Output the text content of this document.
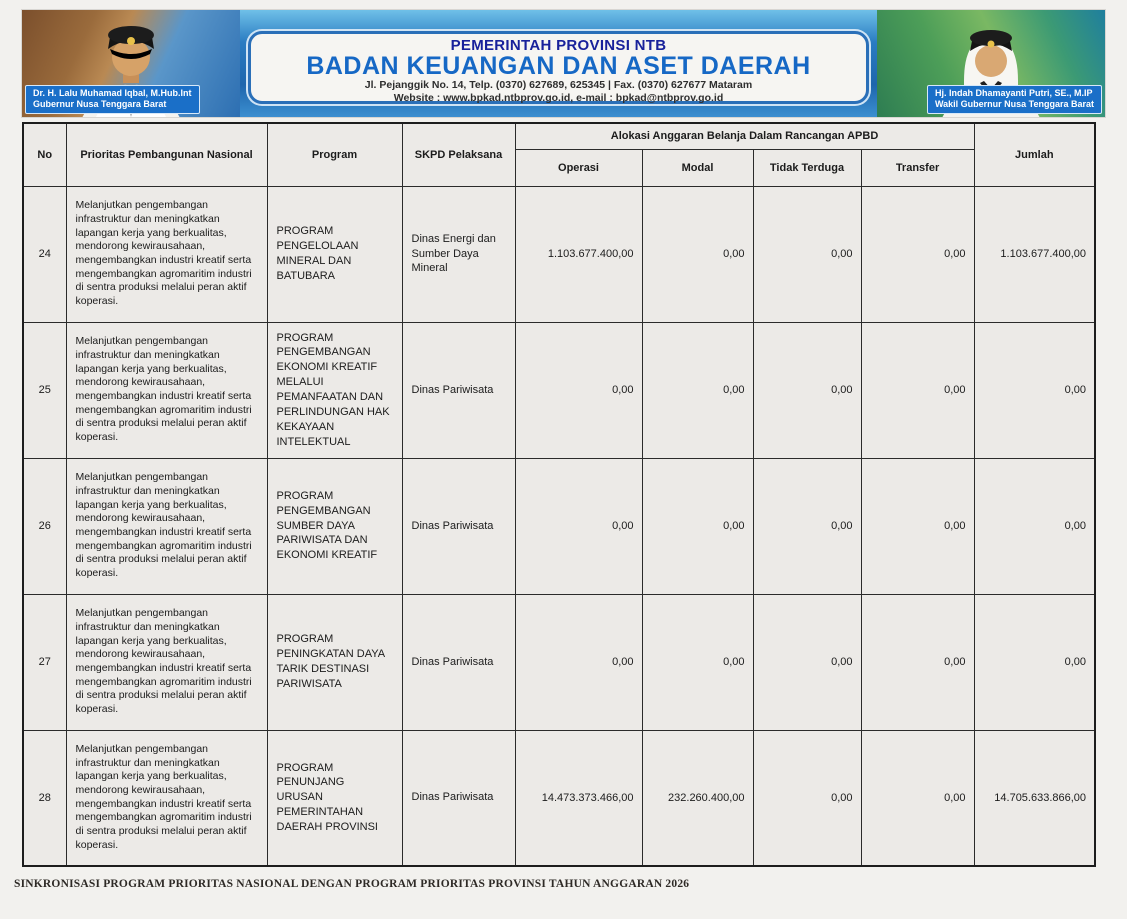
Dr. H. Lalu Muhamad Iqbal, M.Hub.Int
Gubernur Nusa Tenggara Barat
PEMERINTAH PROVINSI NTB
BADAN KEUANGAN DAN ASET DAERAH
Jl. Pejanggik No. 14, Telp. (0370) 627689, 625345 | Fax. (0370) 627677 Mataram
Website : www.bpkad.ntbprov.go.id, e-mail : bpkad@ntbprov.go.id	Hj. Indah Dhamayanti Putri, SE., M.IP
Wakil Gubernur Nusa Tenggara Barat
No	Prioritas Pembangunan Nasional	Program	SKPD Pelaksana	Alokasi Anggaran Belanja Dalam Rancangan APBD				Jumlah
				Operasi	Modal	Tidak Terduga	Transfer	
24	Melanjutkan pengembangan infrastruktur dan meningkatkan lapangan kerja yang berkualitas, mendorong kewirausahaan, mengembangkan industri kreatif serta mengembangkan agromaritim industri di sentra produksi melalui peran aktif koperasi.	PROGRAM PENGELOLAAN MINERAL DAN BATUBARA	Dinas Energi dan Sumber Daya Mineral	1.103.677.400,00	0,00	0,00	0,00	1.103.677.400,00
25	Melanjutkan pengembangan infrastruktur dan meningkatkan lapangan kerja yang berkualitas, mendorong kewirausahaan, mengembangkan industri kreatif serta mengembangkan agromaritim industri di sentra produksi melalui peran aktif koperasi.	PROGRAM PENGEMBANGAN EKONOMI KREATIF MELALUI PEMANFAATAN DAN PERLINDUNGAN HAK KEKAYAAN INTELEKTUAL	Dinas Pariwisata	0,00	0,00	0,00	0,00	0,00
26	Melanjutkan pengembangan infrastruktur dan meningkatkan lapangan kerja yang berkualitas, mendorong kewirausahaan, mengembangkan industri kreatif serta mengembangkan agromaritim industri di sentra produksi melalui peran aktif koperasi.	PROGRAM PENGEMBANGAN SUMBER DAYA PARIWISATA DAN EKONOMI KREATIF	Dinas Pariwisata	0,00	0,00	0,00	0,00	0,00
27	Melanjutkan pengembangan infrastruktur dan meningkatkan lapangan kerja yang berkualitas, mendorong kewirausahaan, mengembangkan industri kreatif serta mengembangkan agromaritim industri di sentra produksi melalui peran aktif koperasi.	PROGRAM PENINGKATAN DAYA TARIK DESTINASI PARIWISATA	Dinas Pariwisata	0,00	0,00	0,00	0,00	0,00
28	Melanjutkan pengembangan infrastruktur dan meningkatkan lapangan kerja yang berkualitas, mendorong kewirausahaan, mengembangkan industri kreatif serta mengembangkan agromaritim industri di sentra produksi melalui peran aktif koperasi.	PROGRAM PENUNJANG URUSAN PEMERINTAHAN DAERAH PROVINSI	Dinas Pariwisata	14.473.373.466,00	232.260.400,00	0,00	0,00	14.705.633.866,00
SINKRONISASI PROGRAM PRIORITAS NASIONAL DENGAN PROGRAM PRIORITAS PROVINSI TAHUN ANGGARAN 2026
